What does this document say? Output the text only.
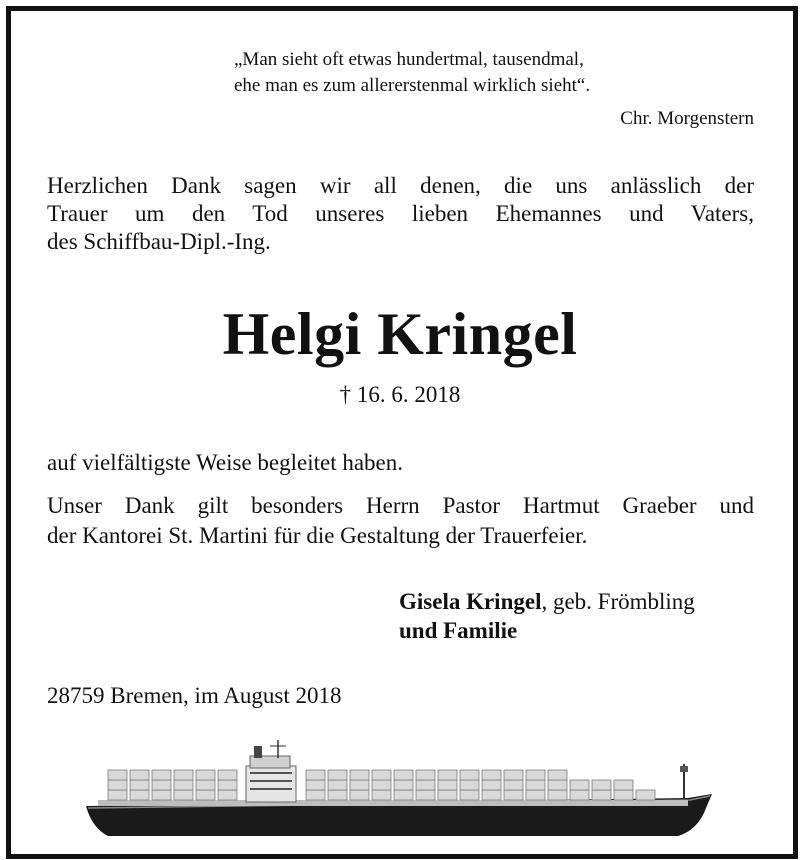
„Man sieht oft etwas hundertmal, tausendmal,
ehe man es zum allererstenmal wirklich sieht“.
Chr. Morgenstern
Herzlichen Dank sagen wir all denen, die uns anlässlich der
Trauer um den Tod unseres lieben Ehemannes und Vaters,
des Schiffbau-Dipl.-Ing.
Helgi Kringel
† 16. 6. 2018
auf vielfältigste Weise begleitet haben.
Unser Dank gilt besonders Herrn Pastor Hartmut Graeber und
der Kantorei St. Martini für die Gestaltung der Trauerfeier.
Gisela Kringel, geb. Frömbling
und Familie
28759 Bremen, im August 2018
